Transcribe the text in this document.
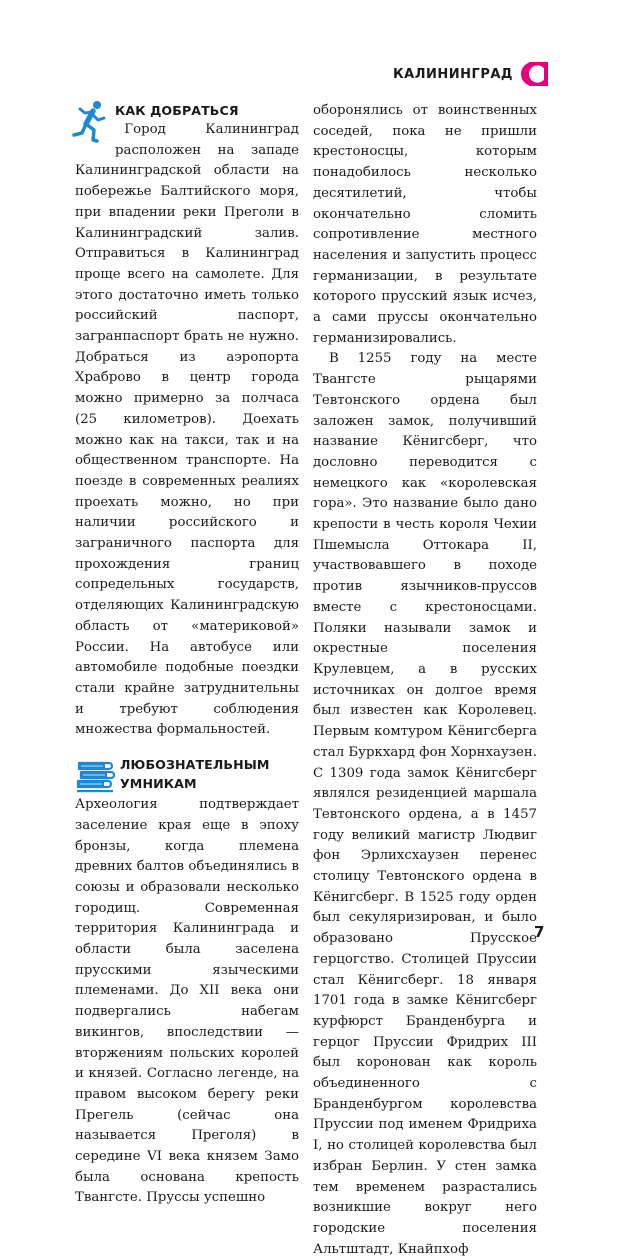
КАЛИНИНГРАД
КАК ДОБРАТЬСЯ

Город Калининград расположен на западе Калининградской области на побережье Балтийского моря, при впадении реки Преголи в Калининградский залив. Отправиться в Калининград проще всего на самолете. Для этого достаточно иметь только российский паспорт, загранпаспорт брать не нужно. Добраться из аэропорта Храброво в центр города можно примерно за полчаса (25 километров). Доехать можно как на такси, так и на общественном транспорте. На поезде в современных реалиях проехать можно, но при наличии российского и заграничного паспорта для прохождения границ сопредельных государств, отделяющих Калининградскую область от «материковой» России. На автобусе или автомобиле подобные поездки стали крайне затруднительны и требуют соблюдения множества формальностей.

ЛЮБОЗНАТЕЛЬНЫМ УМНИКАМ

Археология подтверждает заселение края еще в эпоху бронзы, когда племена древних балтов объединялись в союзы и образовали несколько городищ. Современная территория Калининграда и области была заселена прусскими языческими племенами. До XII века они подвергались набегам викингов, впоследствии — вторжениям польских королей и князей. Согласно легенде, на правом высоком берегу реки Прегель (сейчас она называется Преголя) в середине VI века князем Замо была основана крепость Твангсте. Пруссы успешно

оборонялись от воинственных соседей, пока не пришли крестоносцы, которым понадобилось несколько десятилетий, чтобы окончательно сломить сопротивление местного населения и запустить процесс германизации, в результате которого прусский язык исчез, а сами пруссы окончательно германизировались.

В 1255 году на месте Твангсте рыцарями Тевтонского ордена был заложен замок, получивший название Кёнигсберг, что дословно переводится с немецкого как «королевская гора». Это название было дано крепости в честь короля Чехии Пшемысла Оттокара II, участвовавшего в походе против язычников-пруссов вместе с крестоносцами. Поляки называли замок и окрестные поселения Крулевцем, а в русских источниках он долгое время был известен как Королевец. Первым комтуром Кёнигсберга стал Буркхард фон Хорнхаузен. С 1309 года замок Кёнигсберг являлся резиденцией маршала Тевтонского ордена, а в 1457 году великий магистр Людвиг фон Эрлихсхаузен перенес столицу Тевтонского ордена в Кёнигсберг. В 1525 году орден был секуляризирован, и было образовано Прусское герцогство. Столицей Пруссии стал Кёнигсберг. 18 января 1701 года в замке Кёнигсберг курфюрст Бранденбурга и герцог Пруссии Фридрих III был коронован как король объединенного с Бранденбургом королевства Пруссии под именем Фридриха I, но столицей королевства был избран Берлин. У стен замка тем временем разрастались возникшие вокруг него городские поселения Альтштадт, Кнайпхоф

7
